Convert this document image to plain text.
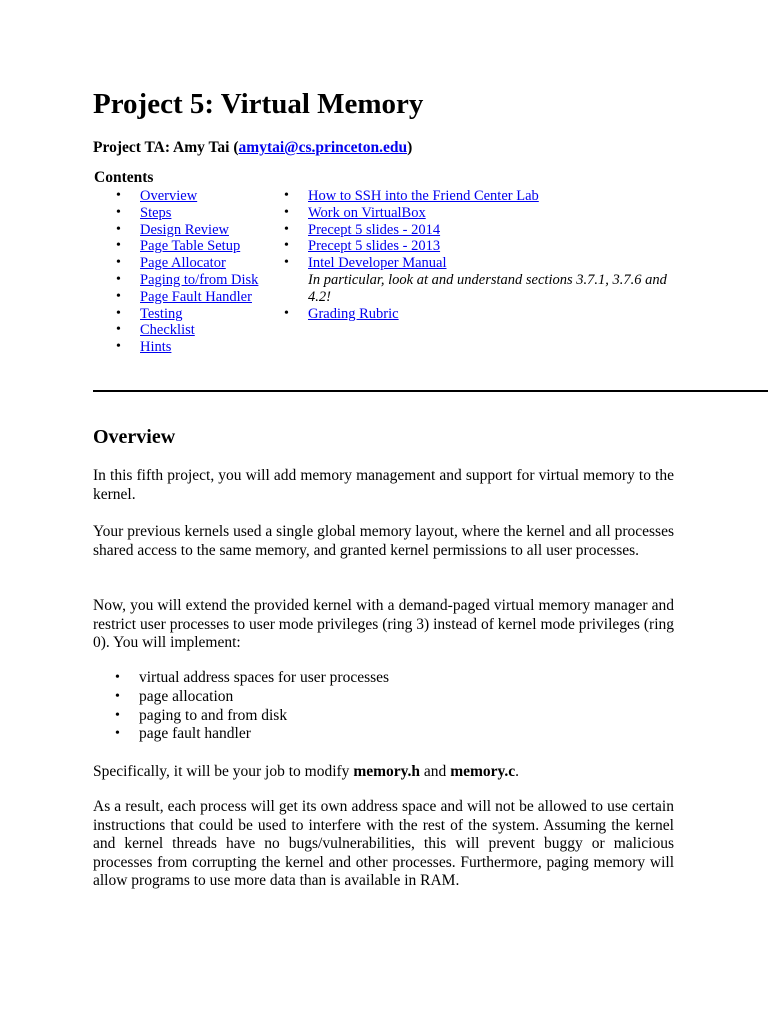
Project 5: Virtual Memory
Project TA: Amy Tai (amytai@cs.princeton.edu)
Contents
• Overview
• Steps
• Design Review
• Page Table Setup
• Page Allocator
• Paging to/from Disk
• Page Fault Handler
• Testing
• Checklist
• Hints
• How to SSH into the Friend Center Lab
• Work on VirtualBox
• Precept 5 slides - 2014
• Precept 5 slides - 2013
• Intel Developer Manual
In particular, look at and understand sections 3.7.1, 3.7.6 and 4.2!
• Grading Rubric
Overview

In this fifth project, you will add memory management and support for virtual memory to the kernel.

Your previous kernels used a single global memory layout, where the kernel and all processes shared access to the same memory, and granted kernel permissions to all user processes.

Now, you will extend the provided kernel with a demand-paged virtual memory manager and restrict user processes to user mode privileges (ring 3) instead of kernel mode privileges (ring 0). You will implement:

• virtual address spaces for user processes
• page allocation
• paging to and from disk
• page fault handler

Specifically, it will be your job to modify memory.h and memory.c.

As a result, each process will get its own address space and will not be allowed to use certain instructions that could be used to interfere with the rest of the system. Assuming the kernel and kernel threads have no bugs/vulnerabilities, this will prevent buggy or malicious processes from corrupting the kernel and other processes. Furthermore, paging memory will allow programs to use more data than is available in RAM.
